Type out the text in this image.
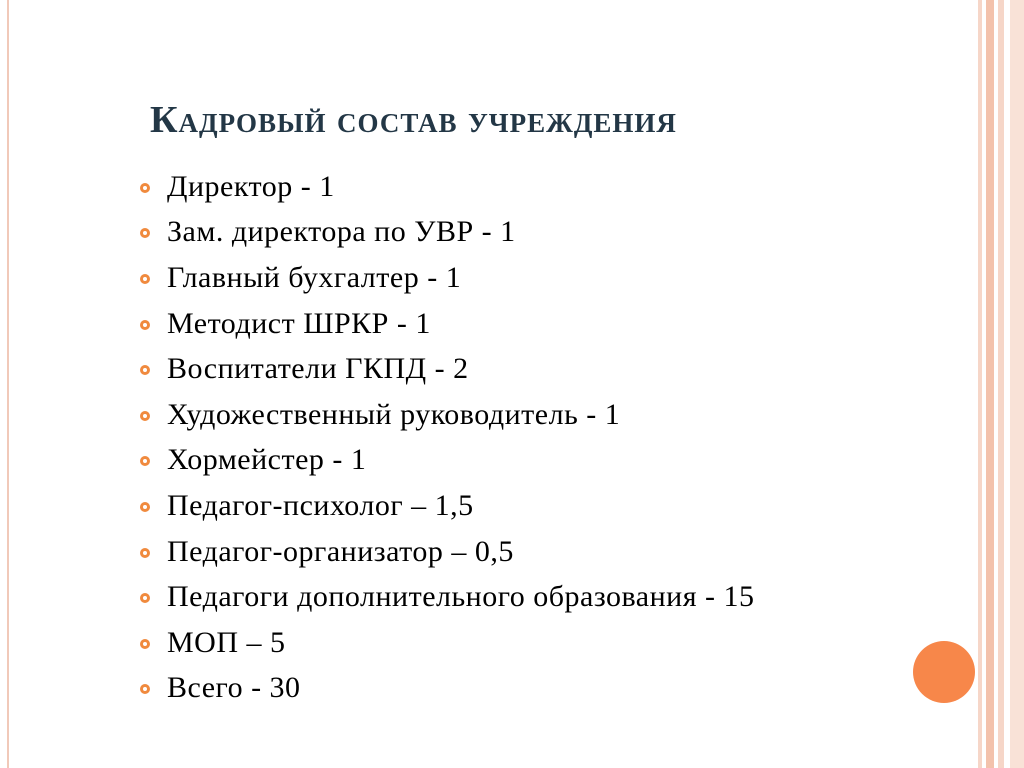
Кадровый состав учреждения
Директор - 1
Зам. директора по УВР - 1
Главный бухгалтер - 1
Методист ШРКР - 1
Воспитатели ГКПД - 2
Художественный руководитель - 1
Хормейстер - 1
Педагог-психолог – 1,5
Педагог-организатор – 0,5
Педагоги дополнительного образования - 15
МОП – 5
Всего - 30
